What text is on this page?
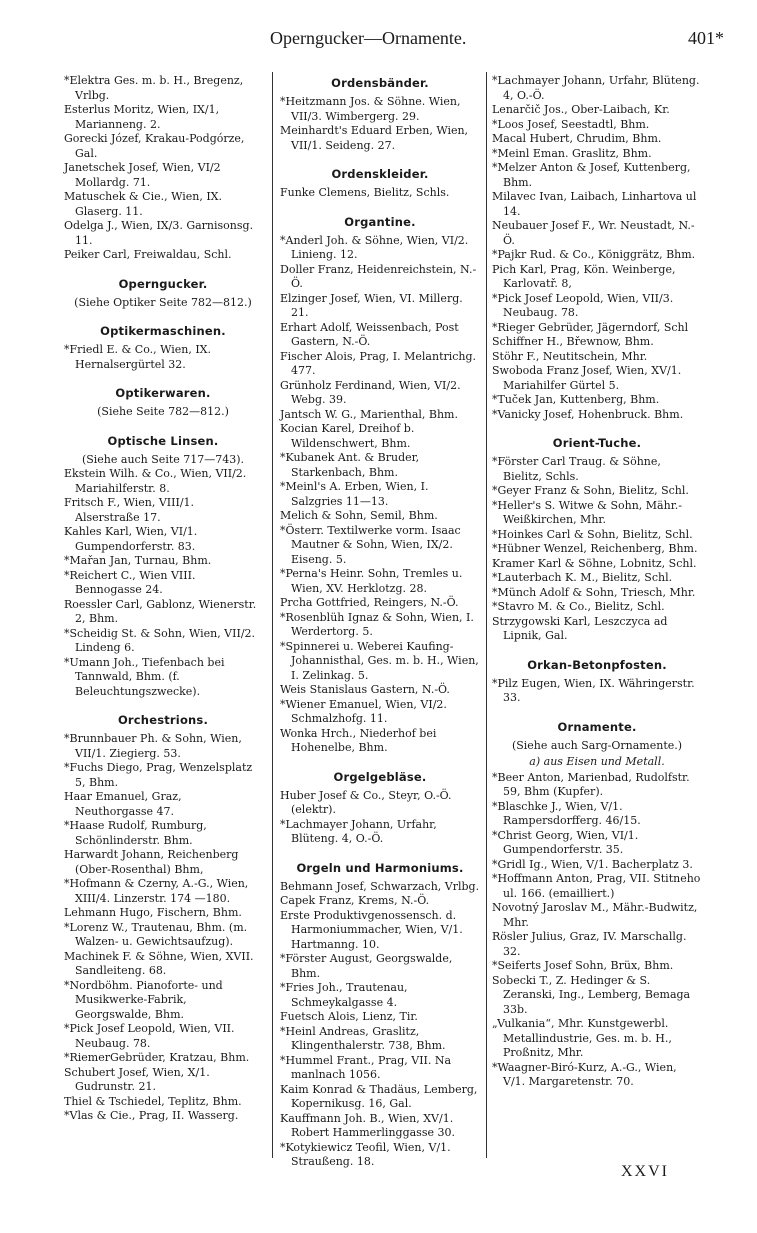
Operngucker—Ornamente.	401*

*Elektra Ges. m. b. H., Bregenz, Vrlbg.

Esterlus Moritz, Wien, IX/1, Marianneng. 2.

Gorecki Józef, Krakau-Podgórze, Gal.

Janetschek Josef, Wien, VI/2 Mollardg. 71.

Matuschek & Cie., Wien, IX. Glaserg. 11.

Odelga J., Wien, IX/3. Garnisonsg. 11.

Peiker Carl, Freiwaldau, Schl.

Operngucker.

(Siehe Optiker Seite 782—812.)

Optikermaschinen.

*Friedl E. & Co., Wien, IX. Hernalsergürtel 32.

Optikerwaren.

(Siehe Seite 782—812.)

Optische Linsen.

(Siehe auch Seite 717—743).

Ekstein Wilh. & Co., Wien, VII/2. Mariahilferstr. 8.

Fritsch F., Wien, VIII/1. Alserstraße 17.

Kahles Karl, Wien, VI/1. Gumpendorferstr. 83.

*Mařan Jan, Turnau, Bhm.

*Reichert C., Wien VIII. Bennogasse 24.

Roessler Carl, Gablonz, Wienerstr. 2, Bhm.

*Scheidig St. & Sohn, Wien, VII/2. Lindeng 6.

*Umann Joh., Tiefenbach bei Tannwald, Bhm. (f. Beleuchtungszwecke).

Orchestrions.

*Brunnbauer Ph. & Sohn, Wien, VII/1. Ziegierg. 53.

*Fuchs Diego, Prag, Wenzelsplatz 5, Bhm.

Haar Emanuel, Graz, Neuthorgasse 47.

*Haase Rudolf, Rumburg, Schönlinderstr. Bhm.

Harwardt Johann, Reichenberg (Ober-Rosenthal) Bhm,

*Hofmann & Czerny, A.-G., Wien, XIII/4. Linzerstr. 174 —180.

Lehmann Hugo, Fischern, Bhm.

*Lorenz W., Trautenau, Bhm. (m. Walzen- u. Gewichtsaufzug).

Machinek F. & Söhne, Wien, XVII. Sandleiteng. 68.

*Nordböhm. Pianoforte- und Musikwerke-Fabrik, Georgswalde, Bhm.

*Pick Josef Leopold, Wien, VII. Neubaug. 78.

*RiemerGebrüder, Kratzau, Bhm.

Schubert Josef, Wien, X/1. Gudrunstr. 21.

Thiel & Tschiedel, Teplitz, Bhm.

*Vlas & Cie., Prag, II. Wasserg.

Ordensbänder.

*Heitzmann Jos. & Söhne. Wien, VII/3. Wimbergerg. 29.

Meinhardt's Eduard Erben, Wien, VII/1. Seideng. 27.

Ordenskleider.

Funke Clemens, Bielitz, Schls.

Organtine.

*Anderl Joh. & Söhne, Wien, VI/2. Linieng. 12.

Doller Franz, Heidenreichstein, N.-Ö.

Elzinger Josef, Wien, VI. Millerg. 21.

Erhart Adolf, Weissenbach, Post Gastern, N.-Ö.

Fischer Alois, Prag, I. Melantrichg. 477.

Grünholz Ferdinand, Wien, VI/2. Webg. 39.

Jantsch W. G., Marienthal, Bhm.

Kocian Karel, Dreihof b. Wildenschwert, Bhm.

*Kubanek Ant. & Bruder, Starkenbach, Bhm.

*Meinl's A. Erben, Wien, I. Salzgries 11—13.

Melich & Sohn, Semil, Bhm.

*Österr. Textilwerke vorm. Isaac Mautner & Sohn, Wien, IX/2. Eiseng. 5.

*Perna's Heinr. Sohn, Tremles u. Wien, XV. Herklotzg. 28.

Prcha Gottfried, Reingers, N.-Ö.

*Rosenblüh Ignaz & Sohn, Wien, I. Werdertorg. 5.

*Spinnerei u. Weberei Kaufing-Johannisthal, Ges. m. b. H., Wien, I. Zelinkag. 5.

Weis Stanislaus Gastern, N.-Ö.

*Wiener Emanuel, Wien, VI/2. Schmalzhofg. 11.

Wonka Hrch., Niederhof bei Hohenelbe, Bhm.

Orgelgebläse.

Huber Josef & Co., Steyr, O.-Ö. (elektr).

*Lachmayer Johann, Urfahr, Blüteng. 4, O.-Ö.

Orgeln und Harmoniums.

Behmann Josef, Schwarzach, Vrlbg.

Capek Franz, Krems, N.-Ö.

Erste Produktivgenossensch. d. Harmoniummacher, Wien, V/1. Hartmanng. 10.

*Förster August, Georgswalde, Bhm.

*Fries Joh., Trautenau, Schmeykalgasse 4.

Fuetsch Alois, Lienz, Tir.

*Heinl Andreas, Graslitz, Klingenthalerstr. 738, Bhm.

*Hummel Frant., Prag, VII. Na manlnach 1056.

Kaim Konrad & Thadäus, Lemberg, Kopernikusg. 16, Gal.

Kauffmann Joh. B., Wien, XV/1. Robert Hammerlinggasse 30.

*Kotykiewicz Teofil, Wien, V/1. Straußeng. 18.

*Lachmayer Johann, Urfahr, Blüteng. 4, O.-Ö.

Lenarčič Jos., Ober-Laibach, Kr.

*Loos Josef, Seestadtl, Bhm.

Macal Hubert, Chrudim, Bhm.

*Meinl Eman. Graslitz, Bhm.

*Melzer Anton & Josef, Kuttenberg, Bhm.

Milavec Ivan, Laibach, Linhartova ul 14.

Neubauer Josef F., Wr. Neustadt, N.-Ö.

*Pajkr Rud. & Co., Königgrätz, Bhm.

Pich Karl, Prag, Kön. Weinberge, Karlovatř. 8,

*Pick Josef Leopold, Wien, VII/3. Neubaug. 78.

*Rieger Gebrüder, Jägerndorf, Schl

Schiffner H., Břewnow, Bhm.

Stöhr F., Neutitschein, Mhr.

Swoboda Franz Josef, Wien, XV/1. Mariahilfer Gürtel 5.

*Tuček Jan, Kuttenberg, Bhm.

*Vanicky Josef, Hohenbruck. Bhm.

Orient-Tuche.

*Förster Carl Traug. & Söhne, Bielitz, Schls.

*Geyer Franz & Sohn, Bielitz, Schl.

*Heller's S. Witwe & Sohn, Mähr.-Weißkirchen, Mhr.

*Hoinkes Carl & Sohn, Bielitz, Schl.

*Hübner Wenzel, Reichenberg, Bhm.

Kramer Karl & Söhne, Lobnitz, Schl.

*Lauterbach K. M., Bielitz, Schl.

*Münch Adolf & Sohn, Triesch, Mhr.

*Stavro M. & Co., Bielitz, Schl.

Strzygowski Karl, Leszczyca ad Lipnik, Gal.

Orkan-Betonpfosten.

*Pilz Eugen, Wien, IX. Währingerstr. 33.

Ornamente.

(Siehe auch Sarg-Ornamente.)

a) aus Eisen und Metall.

*Beer Anton, Marienbad, Rudolfstr. 59, Bhm (Kupfer).

*Blaschke J., Wien, V/1. Rampersdorfferg. 46/15.

*Christ Georg, Wien, VI/1. Gumpendorferstr. 35.

*Gridl Ig., Wien, V/1. Bacherplatz 3.

*Hoffmann Anton, Prag, VII. Stitneho ul. 166. (emailliert.)

Novotný Jaroslav M., Mähr.-Budwitz, Mhr.

Rösler Julius, Graz, IV. Marschallg. 32.

*Seiferts Josef Sohn, Brüx, Bhm.

Sobecki T., Z. Hedinger & S. Zeranski, Ing., Lemberg, Bemaga 33b.

„Vulkania“, Mhr. Kunstgewerbl. Metallindustrie, Ges. m. b. H., Proßnitz, Mhr.

*Waagner-Biró-Kurz, A.-G., Wien, V/1. Margaretenstr. 70.

XXVI
